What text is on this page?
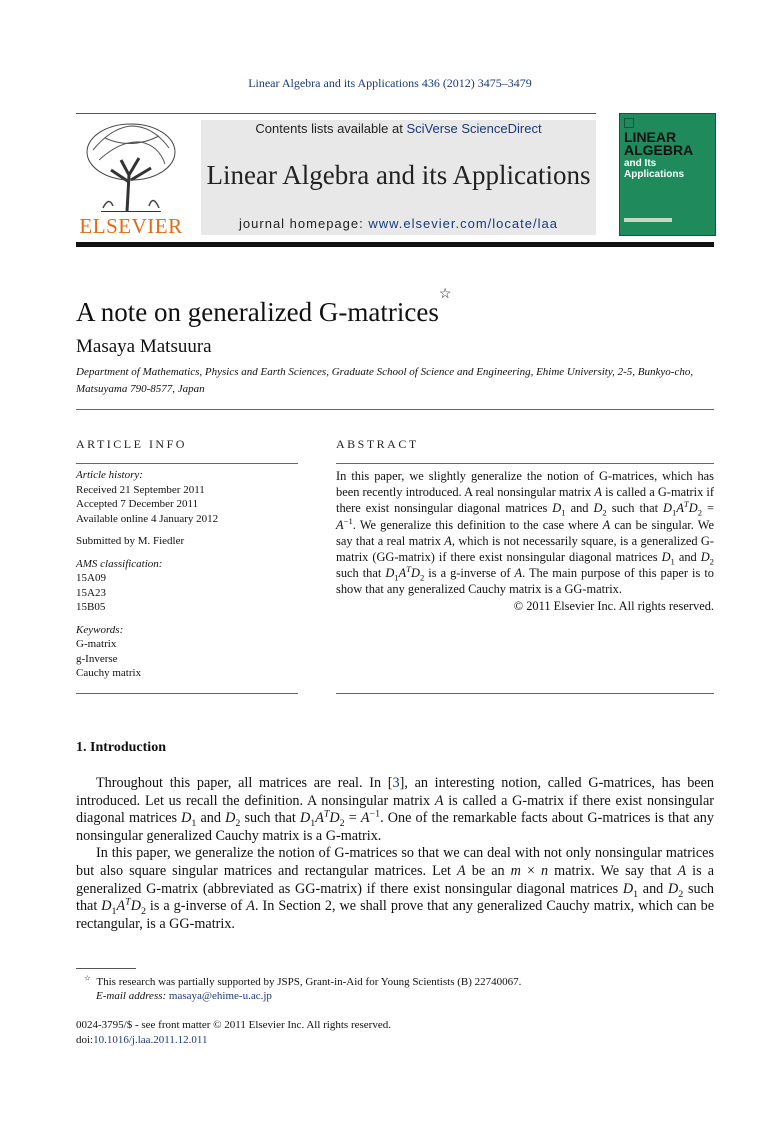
Linear Algebra and its Applications 436 (2012) 3475–3479
ELSEVIER
Contents lists available at SciVerse ScienceDirect
Linear Algebra and its Applications
journal homepage: www.elsevier.com/locate/laa
LINEAR
ALGEBRA
and Its
Applications
A note on generalized G-matrices☆
Masaya Matsuura
Department of Mathematics, Physics and Earth Sciences, Graduate School of Science and Engineering, Ehime University, 2-5, Bunkyo-cho, Matsuyama 790-8577, Japan
ARTICLE INFO	ABSTRACT
Article history:
Received 21 September 2011
Accepted 7 December 2011
Available online 4 January 2012
Submitted by M. Fiedler
AMS classification:
15A09
15A23
15B05
Keywords:
G-matrix
g-Inverse
Cauchy matrix
In this paper, we slightly generalize the notion of G-matrices, which has been recently introduced. A real nonsingular matrix A is called a G-matrix if there exist nonsingular diagonal matrices $D_1$ and $D_2$ such that $D_1A^TD_2 = A^{-1}$. We generalize this definition to the case where A can be singular. We say that a real matrix A, which is not necessarily square, is a generalized G-matrix (GG-matrix) if there exist nonsingular diagonal matrices $D_1$ and $D_2$ such that $D_1A^TD_2$ is a g-inverse of A. The main purpose of this paper is to show that any generalized Cauchy matrix is a GG-matrix.
© 2011 Elsevier Inc. All rights reserved.
1. Introduction

Throughout this paper, all matrices are real. In [3], an interesting notion, called G-matrices, has been introduced. Let us recall the definition. A nonsingular matrix A is called a G-matrix if there exist nonsingular diagonal matrices $D_1$ and $D_2$ such that $D_1A^TD_2 = A^{-1}$. One of the remarkable facts about G-matrices is that any nonsingular generalized Cauchy matrix is a G-matrix.

In this paper, we generalize the notion of G-matrices so that we can deal with not only nonsingular matrices but also square singular matrices and rectangular matrices. Let A be an m × n matrix. We say that A is a generalized G-matrix (abbreviated as GG-matrix) if there exist nonsingular diagonal matrices $D_1$ and $D_2$ such that $D_1A^TD_2$ is a g-inverse of A. In Section 2, we shall prove that any generalized Cauchy matrix, which can be rectangular, is a GG-matrix.

☆ This research was partially supported by JSPS, Grant-in-Aid for Young Scientists (B) 22740067.
E-mail address: masaya@ehime-u.ac.jp
0024-3795/$ - see front matter © 2011 Elsevier Inc. All rights reserved.
doi:10.1016/j.laa.2011.12.011
